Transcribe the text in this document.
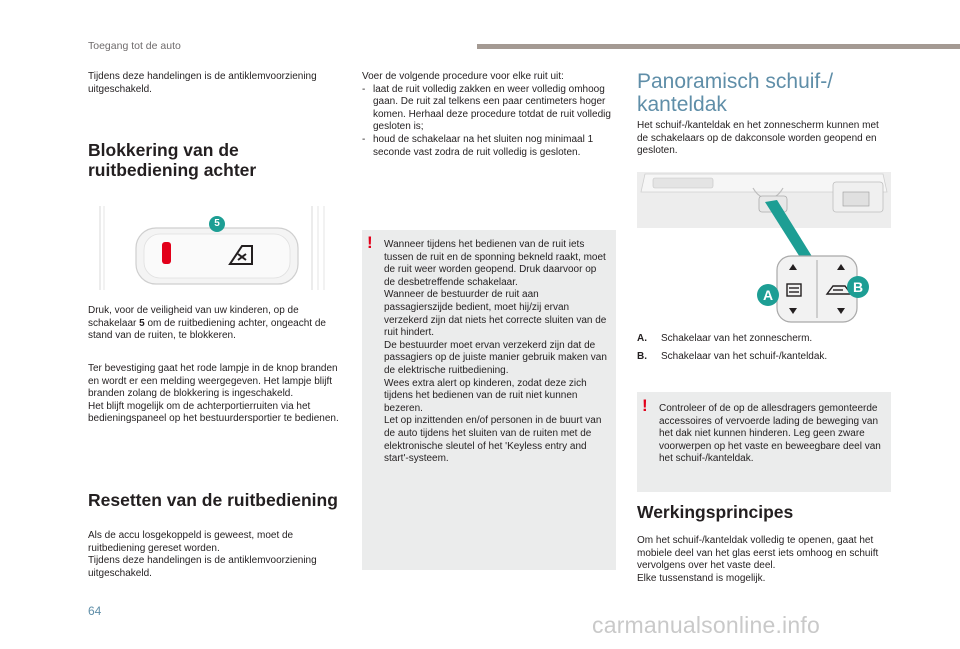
Toegang tot de auto

Tijdens deze handelingen is de antiklemvoorziening uitgeschakeld.

Blokkering van de
ruitbediening achter
5

Druk, voor de veiligheid van uw kinderen, op de schakelaar 5 om de ruitbediening achter, ongeacht de stand van de ruiten, te blokkeren.

Ter bevestiging gaat het rode lampje in de knop branden en wordt er een melding weergegeven. Het lampje blijft branden zolang de blokkering is ingeschakeld.

Het blijft mogelijk om de achterportierruiten via het bedieningspaneel op het bestuurdersportier te bedienen.

Resetten van de ruitbediening

Als de accu losgekoppeld is geweest, moet de ruitbediening gereset worden.

Tijdens deze handelingen is de antiklemvoorziening uitgeschakeld.

Voer de volgende procedure voor elke ruit uit:

- laat de ruit volledig zakken en weer volledig omhoog gaan. De ruit zal telkens een paar centimeters hoger komen. Herhaal deze procedure totdat de ruit volledig gesloten is;
- houd de schakelaar na het sluiten nog minimaal 1 seconde vast zodra de ruit volledig is gesloten.
! Wanneer tijdens het bedienen van de ruit iets tussen de ruit en de sponning bekneld raakt, moet de ruit weer worden geopend. Druk daarvoor op de desbetreffende schakelaar.

Wanneer de bestuurder de ruit aan passagierszijde bedient, moet hij/zij ervan verzekerd zijn dat niets het correcte sluiten van de ruit hindert.

De bestuurder moet ervan verzekerd zijn dat de passagiers op de juiste manier gebruik maken van de elektrische ruitbediening.

Wees extra alert op kinderen, zodat deze zich tijdens het bedienen van de ruit niet kunnen bezeren.

Let op inzittenden en/of personen in de buurt van de auto tijdens het sluiten van de ruiten met de elektronische sleutel of het 'Keyless entry and start'-systeem.

Panoramisch schuif-/
kanteldak

Het schuif-/kanteldak en het zonnescherm kunnen met de schakelaars op de dakconsole worden geopend en gesloten.

A	B
A. Schakelaar van het zonnescherm.
B. Schakelaar van het schuif-/kanteldak.
! Controleer of de op de allesdragers gemonteerde accessoires of vervoerde lading de beweging van het dak niet kunnen hinderen. Leg geen zware voorwerpen op het vaste en beweegbare deel van het schuif-/kanteldak.

Werkingsprincipes

Om het schuif-/kanteldak volledig te openen, gaat het mobiele deel van het glas eerst iets omhoog en schuift vervolgens over het vaste deel.

Elke tussenstand is mogelijk.

64
carmanualsonline.info
